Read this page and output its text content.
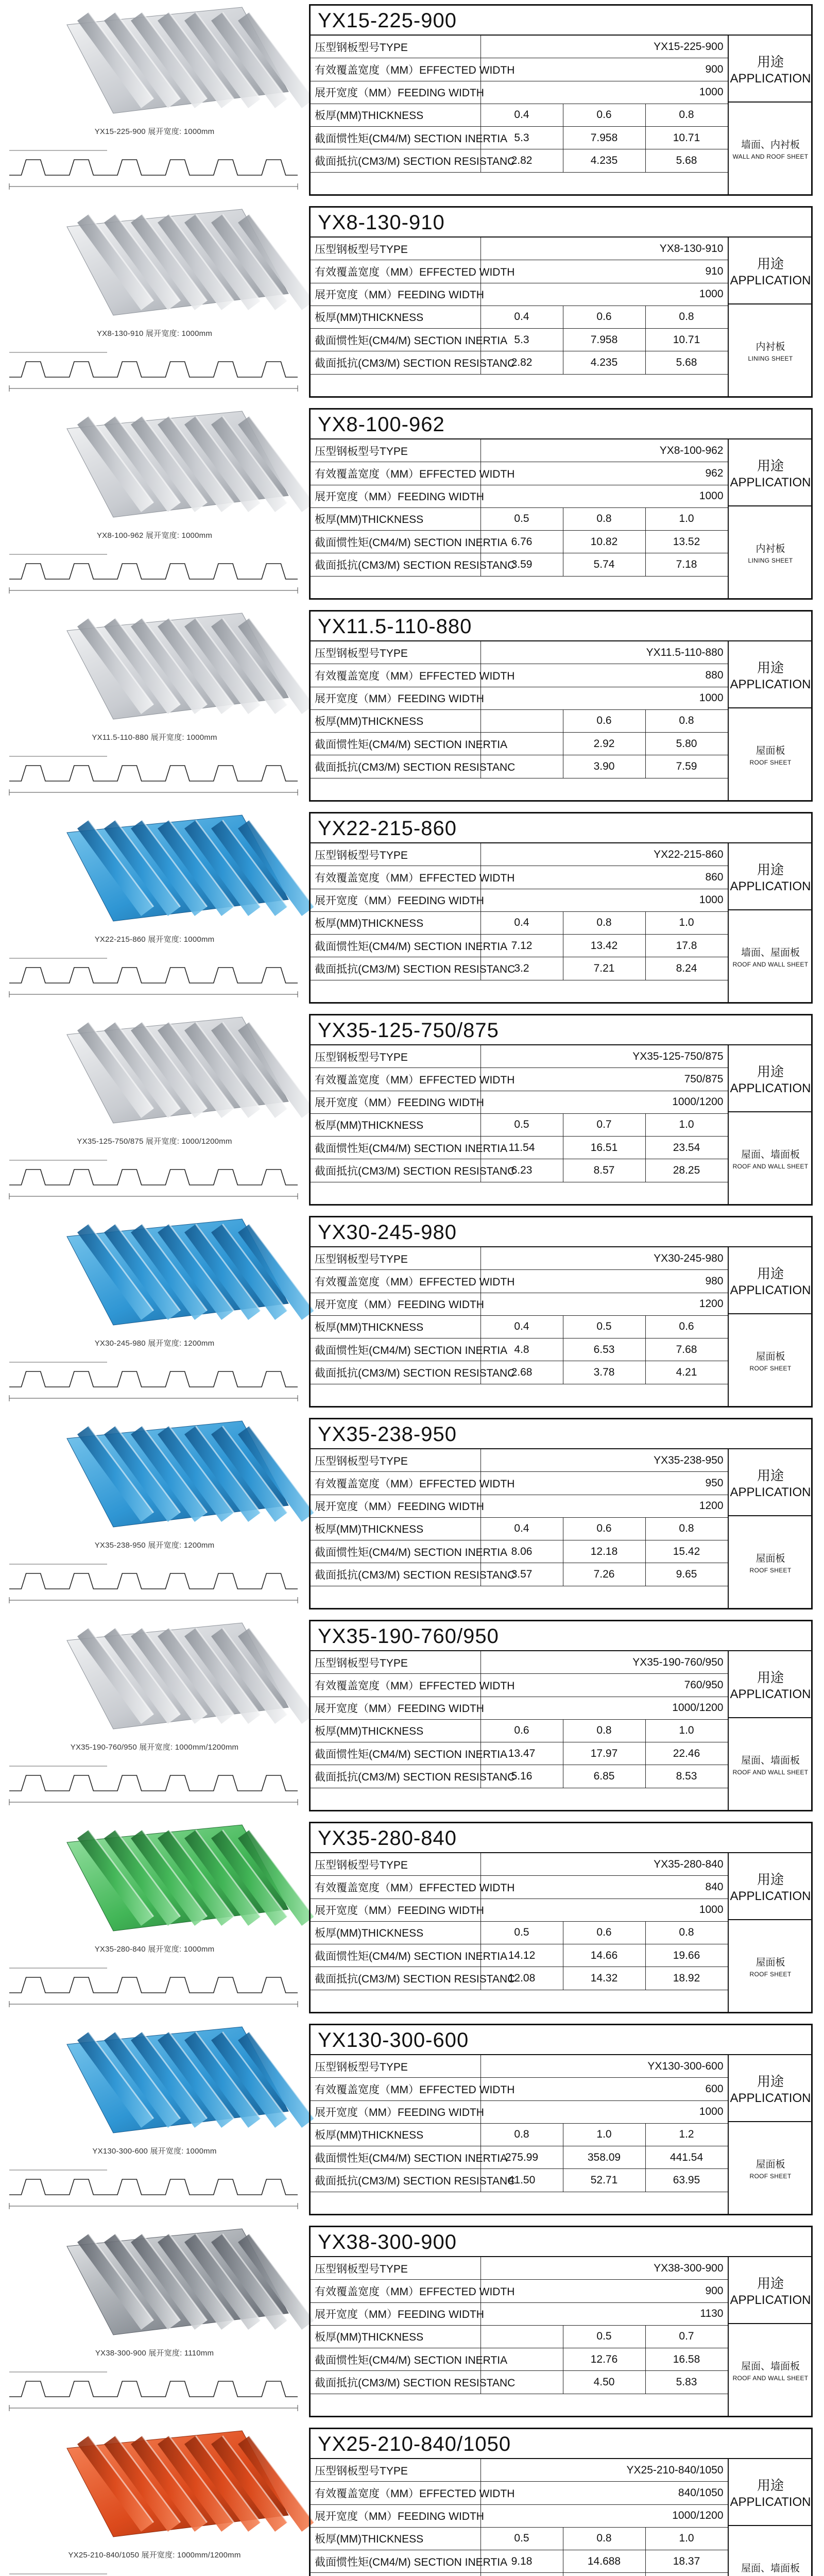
YX15-225-900 展开宽度: 1000mm
YX15-225-900
压型钢板型号TYPE	YX15-225-900		
有效覆盖宽度（MM）EFFECTED WIDTH	900		
展开宽度（MM）FEEDING WIDTH	1000		
板厚(MM)THICKNESS	0.4	0.6	0.8
截面惯性矩(CM4/M) SECTION INERTIA	5.3	7.958	10.71
截面抵抗(CM3/M) SECTION RESISTANC	2.82	4.235	5.68

用途
APPLICATION
墙面、内衬板
WALL AND ROOF SHEET
YX8-130-910 展开宽度: 1000mm
YX8-130-910
压型钢板型号TYPE	YX8-130-910		
有效覆盖宽度（MM）EFFECTED WIDTH	910		
展开宽度（MM）FEEDING WIDTH	1000		
板厚(MM)THICKNESS	0.4	0.6	0.8
截面惯性矩(CM4/M) SECTION INERTIA	5.3	7.958	10.71
截面抵抗(CM3/M) SECTION RESISTANC	2.82	4.235	5.68

用途
APPLICATION
内衬板
LINING SHEET
YX8-100-962 展开宽度: 1000mm
YX8-100-962
压型钢板型号TYPE	YX8-100-962		
有效覆盖宽度（MM）EFFECTED WIDTH	962		
展开宽度（MM）FEEDING WIDTH	1000		
板厚(MM)THICKNESS	0.5	0.8	1.0
截面惯性矩(CM4/M) SECTION INERTIA	6.76	10.82	13.52
截面抵抗(CM3/M) SECTION RESISTANC	3.59	5.74	7.18

用途
APPLICATION
内衬板
LINING SHEET
YX11.5-110-880 展开宽度: 1000mm
YX11.5-110-880
压型钢板型号TYPE	YX11.5-110-880		
有效覆盖宽度（MM）EFFECTED WIDTH	880		
展开宽度（MM）FEEDING WIDTH	1000		
板厚(MM)THICKNESS		0.6	0.8
截面惯性矩(CM4/M) SECTION INERTIA		2.92	5.80
截面抵抗(CM3/M) SECTION RESISTANC		3.90	7.59

用途
APPLICATION
屋面板
ROOF SHEET
YX22-215-860 展开宽度: 1000mm
YX22-215-860
压型钢板型号TYPE	YX22-215-860		
有效覆盖宽度（MM）EFFECTED WIDTH	860		
展开宽度（MM）FEEDING WIDTH	1000		
板厚(MM)THICKNESS	0.4	0.8	1.0
截面惯性矩(CM4/M) SECTION INERTIA	7.12	13.42	17.8
截面抵抗(CM3/M) SECTION RESISTANC	3.2	7.21	8.24

用途
APPLICATION
墙面、屋面板
ROOF AND WALL SHEET
YX35-125-750/875 展开宽度: 1000/1200mm
YX35-125-750/875
压型钢板型号TYPE	YX35-125-750/875		
有效覆盖宽度（MM）EFFECTED WIDTH	750/875		
展开宽度（MM）FEEDING WIDTH	1000/1200		
板厚(MM)THICKNESS	0.5	0.7	1.0
截面惯性矩(CM4/M) SECTION INERTIA	11.54	16.51	23.54
截面抵抗(CM3/M) SECTION RESISTANC	6.23	8.57	28.25

用途
APPLICATION
屋面、墙面板
ROOF AND WALL SHEET
YX30-245-980 展开宽度: 1200mm
YX30-245-980
压型钢板型号TYPE	YX30-245-980		
有效覆盖宽度（MM）EFFECTED WIDTH	980		
展开宽度（MM）FEEDING WIDTH	1200		
板厚(MM)THICKNESS	0.4	0.5	0.6
截面惯性矩(CM4/M) SECTION INERTIA	4.8	6.53	7.68
截面抵抗(CM3/M) SECTION RESISTANC	2.68	3.78	4.21

用途
APPLICATION
屋面板
ROOF SHEET
YX35-238-950 展开宽度: 1200mm
YX35-238-950
压型钢板型号TYPE	YX35-238-950		
有效覆盖宽度（MM）EFFECTED WIDTH	950		
展开宽度（MM）FEEDING WIDTH	1200		
板厚(MM)THICKNESS	0.4	0.6	0.8
截面惯性矩(CM4/M) SECTION INERTIA	8.06	12.18	15.42
截面抵抗(CM3/M) SECTION RESISTANC	3.57	7.26	9.65

用途
APPLICATION
屋面板
ROOF SHEET
YX35-190-760/950 展开宽度: 1000mm/1200mm
YX35-190-760/950
压型钢板型号TYPE	YX35-190-760/950		
有效覆盖宽度（MM）EFFECTED WIDTH	760/950		
展开宽度（MM）FEEDING WIDTH	1000/1200		
板厚(MM)THICKNESS	0.6	0.8	1.0
截面惯性矩(CM4/M) SECTION INERTIA	13.47	17.97	22.46
截面抵抗(CM3/M) SECTION RESISTANC	5.16	6.85	8.53

用途
APPLICATION
屋面、墙面板
ROOF AND WALL SHEET
YX35-280-840 展开宽度: 1000mm
YX35-280-840
压型钢板型号TYPE	YX35-280-840		
有效覆盖宽度（MM）EFFECTED WIDTH	840		
展开宽度（MM）FEEDING WIDTH	1000		
板厚(MM)THICKNESS	0.5	0.6	0.8
截面惯性矩(CM4/M) SECTION INERTIA	14.12	14.66	19.66
截面抵抗(CM3/M) SECTION RESISTANC	12.08	14.32	18.92

用途
APPLICATION
屋面板
ROOF SHEET
YX130-300-600 展开宽度: 1000mm
YX130-300-600
压型钢板型号TYPE	YX130-300-600		
有效覆盖宽度（MM）EFFECTED WIDTH	600		
展开宽度（MM）FEEDING WIDTH	1000		
板厚(MM)THICKNESS	0.8	1.0	1.2
截面惯性矩(CM4/M) SECTION INERTIA	275.99	358.09	441.54
截面抵抗(CM3/M) SECTION RESISTANC	41.50	52.71	63.95

用途
APPLICATION
屋面板
ROOF SHEET
YX38-300-900 展开宽度: 1110mm
YX38-300-900
压型钢板型号TYPE	YX38-300-900		
有效覆盖宽度（MM）EFFECTED WIDTH	900		
展开宽度（MM）FEEDING WIDTH	1130		
板厚(MM)THICKNESS		0.5	0.7
截面惯性矩(CM4/M) SECTION INERTIA		12.76	16.58
截面抵抗(CM3/M) SECTION RESISTANC		4.50	5.83

用途
APPLICATION
屋面、墙面板
ROOF AND WALL SHEET
YX25-210-840/1050 展开宽度: 1000mm/1200mm
YX25-210-840/1050
压型钢板型号TYPE	YX25-210-840/1050		
有效覆盖宽度（MM）EFFECTED WIDTH	840/1050		
展开宽度（MM）FEEDING WIDTH	1000/1200		
板厚(MM)THICKNESS	0.5	0.8	1.0
截面惯性矩(CM4/M) SECTION INERTIA	9.18	14.688	18.37

用途
APPLICATION
屋面、墙面板
